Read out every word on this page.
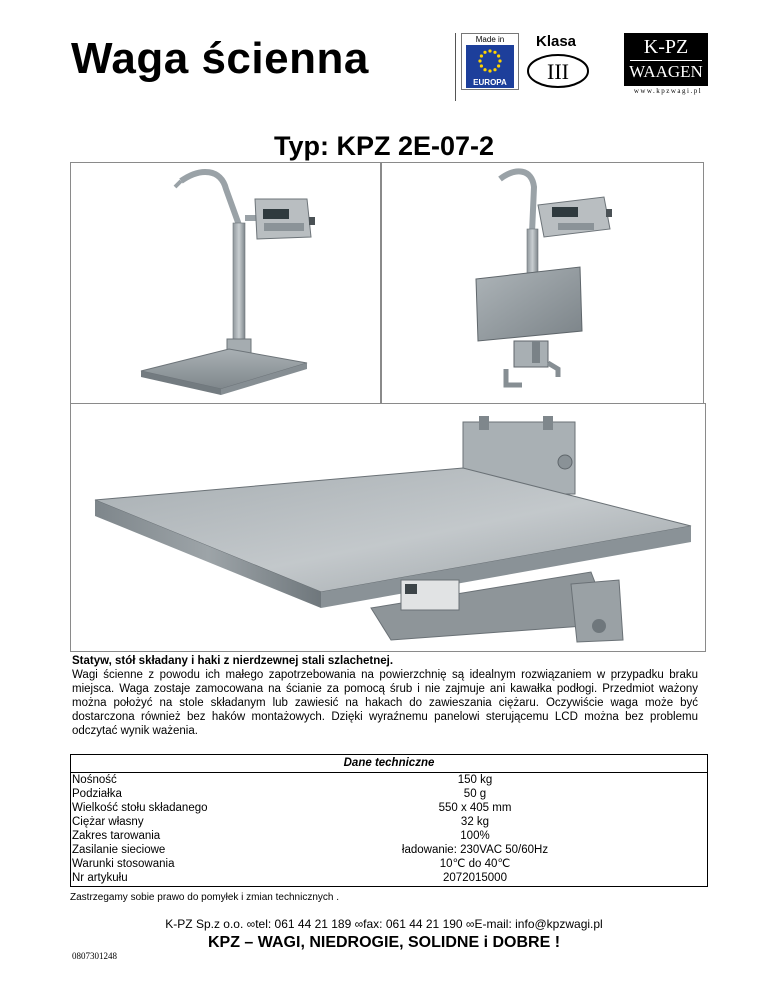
Waga ścienna	Made in
EUROPA
Klasa
III
K-PZ
WAAGEN
www.kpzwagi.pl
Typ: KPZ 2E-07-2
Statyw, stół składany i haki z nierdzewnej stali szlachetnej.
Wagi ścienne z powodu ich małego zapotrzebowania na powierzchnię są idealnym rozwiązaniem w przypadku braku miejsca. Waga zostaje zamocowana na ścianie za pomocą śrub i nie zajmuje ani kawałka podłogi. Przedmiot ważony można położyć na stole składanym lub zawiesić na hakach do zawieszania ciężaru. Oczywiście waga może być dostarczona również bez haków montażowych. Dzięki wyraźnemu panelowi sterującemu LCD można bez problemu odczytać wynik ważenia.
Dane techniczne
Nośność	150 kg
Podziałka	50 g
Wielkość stołu składanego	550 x 405 mm
Ciężar własny	32 kg
Zakres tarowania	100%
Zasilanie sieciowe	ładowanie: 230VAC 50/60Hz
Warunki stosowania	10℃ do 40℃
Nr artykułu	2072015000
Zastrzegamy sobie prawo do pomyłek i zmian technicznych .
K-PZ Sp.z o.o. ∞tel: 061 44 21 189 ∞fax: 061 44 21 190 ∞E-mail: info@kpzwagi.pl
KPZ – WAGI, NIEDROGIE, SOLIDNE i DOBRE !
0807301248
